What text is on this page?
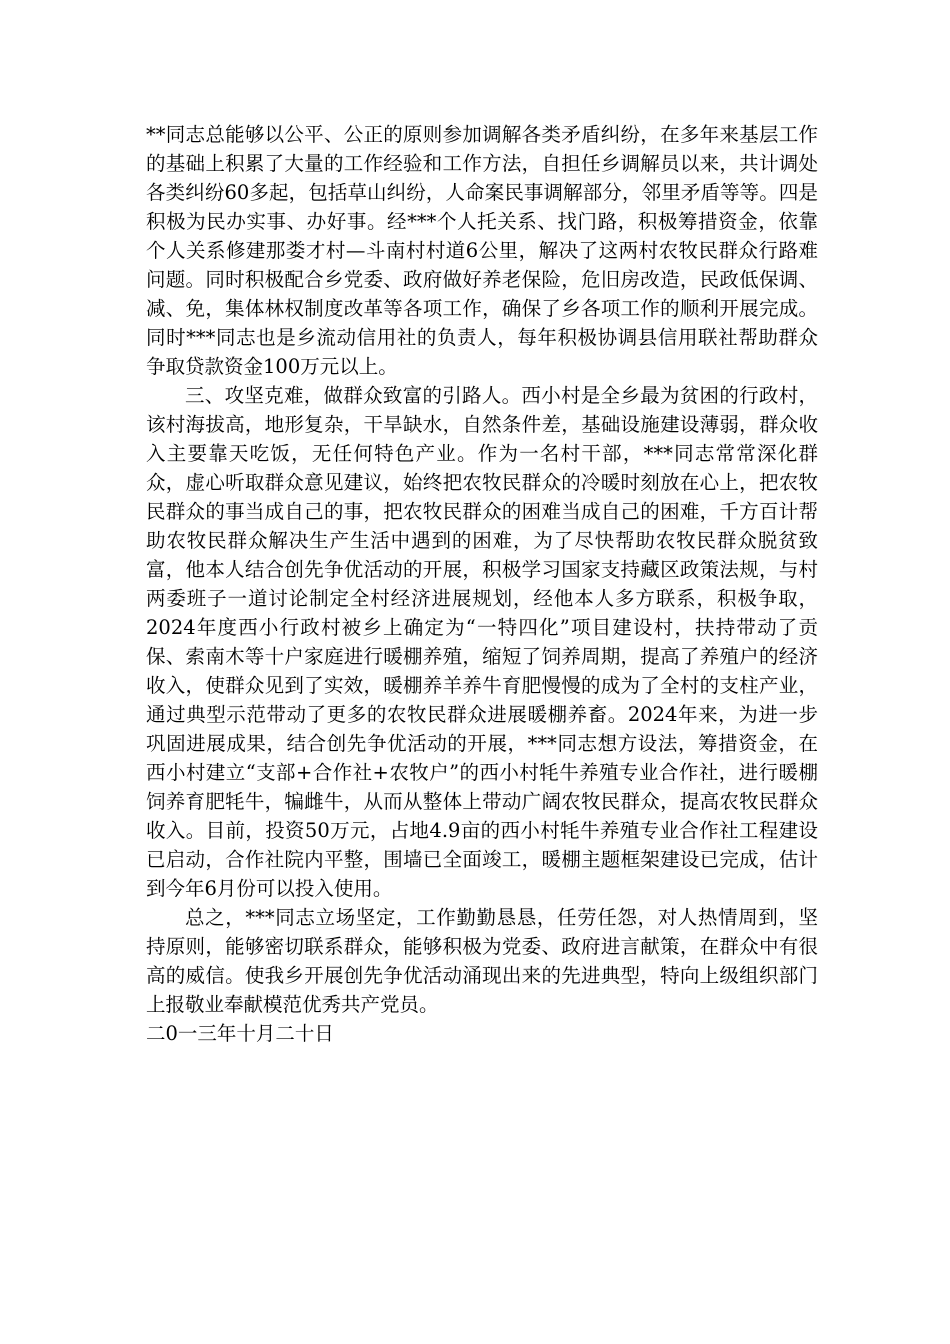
**同志总能够以公平、公正的原则参加调解各类矛盾纠纷，在多年来基层工作的基础上积累了大量的工作经验和工作方法，自担任乡调解员以来，共计调处各类纠纷60多起，包括草山纠纷，人命案民事调解部分，邻里矛盾等等。四是积极为民办实事、办好事。经***个人托关系、找门路，积极筹措资金，依靠个人关系修建那娄才村—斗南村村道6公里，解决了这两村农牧民群众行路难问题。同时积极配合乡党委、政府做好养老保险，危旧房改造，民政低保调、减、免，集体林权制度改革等各项工作，确保了乡各项工作的顺利开展完成。同时***同志也是乡流动信用社的负责人，每年积极协调县信用联社帮助群众争取贷款资金100万元以上。

三、攻坚克难，做群众致富的引路人。西小村是全乡最为贫困的行政村，该村海拔高，地形复杂，干旱缺水，自然条件差，基础设施建设薄弱，群众收入主要靠天吃饭，无任何特色产业。作为一名村干部，***同志常常深化群众，虚心听取群众意见建议，始终把农牧民群众的冷暖时刻放在心上，把农牧民群众的事当成自己的事，把农牧民群众的困难当成自己的困难，千方百计帮助农牧民群众解决生产生活中遇到的困难，为了尽快帮助农牧民群众脱贫致富，他本人结合创先争优活动的开展，积极学习国家支持藏区政策法规，与村两委班子一道讨论制定全村经济进展规划，经他本人多方联系，积极争取，2024年度西小行政村被乡上确定为“一特四化”项目建设村，扶持带动了贡保、索南木等十户家庭进行暖棚养殖，缩短了饲养周期，提高了养殖户的经济收入，使群众见到了实效，暖棚养羊养牛育肥慢慢的成为了全村的支柱产业，通过典型示范带动了更多的农牧民群众进展暖棚养畜。2024年来，为进一步巩固进展成果，结合创先争优活动的开展，***同志想方设法，筹措资金，在西小村建立“支部+合作社+农牧户”的西小村牦牛养殖专业合作社，进行暖棚饲养育肥牦牛，犏雌牛，从而从整体上带动广阔农牧民群众，提高农牧民群众收入。目前，投资50万元，占地4.9亩的西小村牦牛养殖专业合作社工程建设已启动，合作社院内平整，围墙已全面竣工，暖棚主题框架建设已完成，估计到今年6月份可以投入使用。

总之，***同志立场坚定，工作勤勤恳恳，任劳任怨，对人热情周到，坚持原则，能够密切联系群众，能够积极为党委、政府进言献策，在群众中有很高的威信。使我乡开展创先争优活动涌现出来的先进典型，特向上级组织部门上报敬业奉献模范优秀共产党员。

二0一三年十月二十日
